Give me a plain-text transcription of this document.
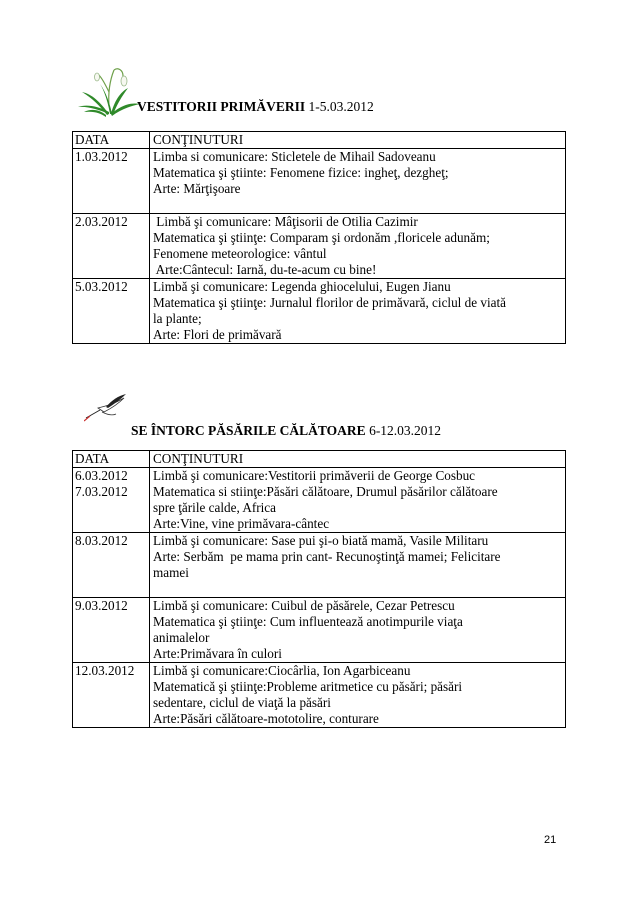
VESTITORII PRIMĂVERII 1-5.03.2012
DATA	CONŢINUTURI

1.03.2012	Limba si comunicare: Sticletele de Mihail Sadoveanu
Matematica şi ştiinte: Fenomene fizice: ingheţ, dezgheţ;
Arte: Mărţişoare

2.03.2012	Limbă şi comunicare: Mâţisorii de Otilia Cazimir
Matematica şi ştiinţe: Comparam şi ordonăm ,floricele adunăm;
Fenomene meteorologice: vântul
Arte:Cântecul: Iarnă, du-te-acum cu bine!

5.03.2012	Limbă şi comunicare: Legenda ghiocelului, Eugen Jianu
Matematica şi ştiinţe: Jurnalul florilor de primăvară, ciclul de viată
la plante;
Arte: Flori de primăvară
SE ÎNTORC PĂSĂRILE CĂLĂTOARE 6-12.03.2012
DATA	CONŢINUTURI

6.03.2012
7.03.2012	Limbă şi comunicare:Vestitorii primăverii de George Cosbuc
Matematica si stiinţe:Păsări călătoare, Drumul păsărilor călătoare
spre ţările calde, Africa
Arte:Vine, vine primăvara-cântec

8.03.2012	Limbă şi comunicare: Sase pui şi-o biată mamă, Vasile Militaru
Arte: Serbăm  pe mama prin cant- Recunoştinţă mamei; Felicitare
mamei

9.03.2012	Limbă şi comunicare: Cuibul de păsărele, Cezar Petrescu
Matematica şi ştiinţe: Cum influentează anotimpurile viaţa
animalelor
Arte:Primăvara în culori

12.03.2012	Limbă şi comunicare:Ciocârlia, Ion Agarbiceanu
Matematică şi ştiinţe:Probleme aritmetice cu păsări; păsări
sedentare, ciclul de viaţă la păsări
Arte:Păsări călătoare-mototolire, conturare
21
